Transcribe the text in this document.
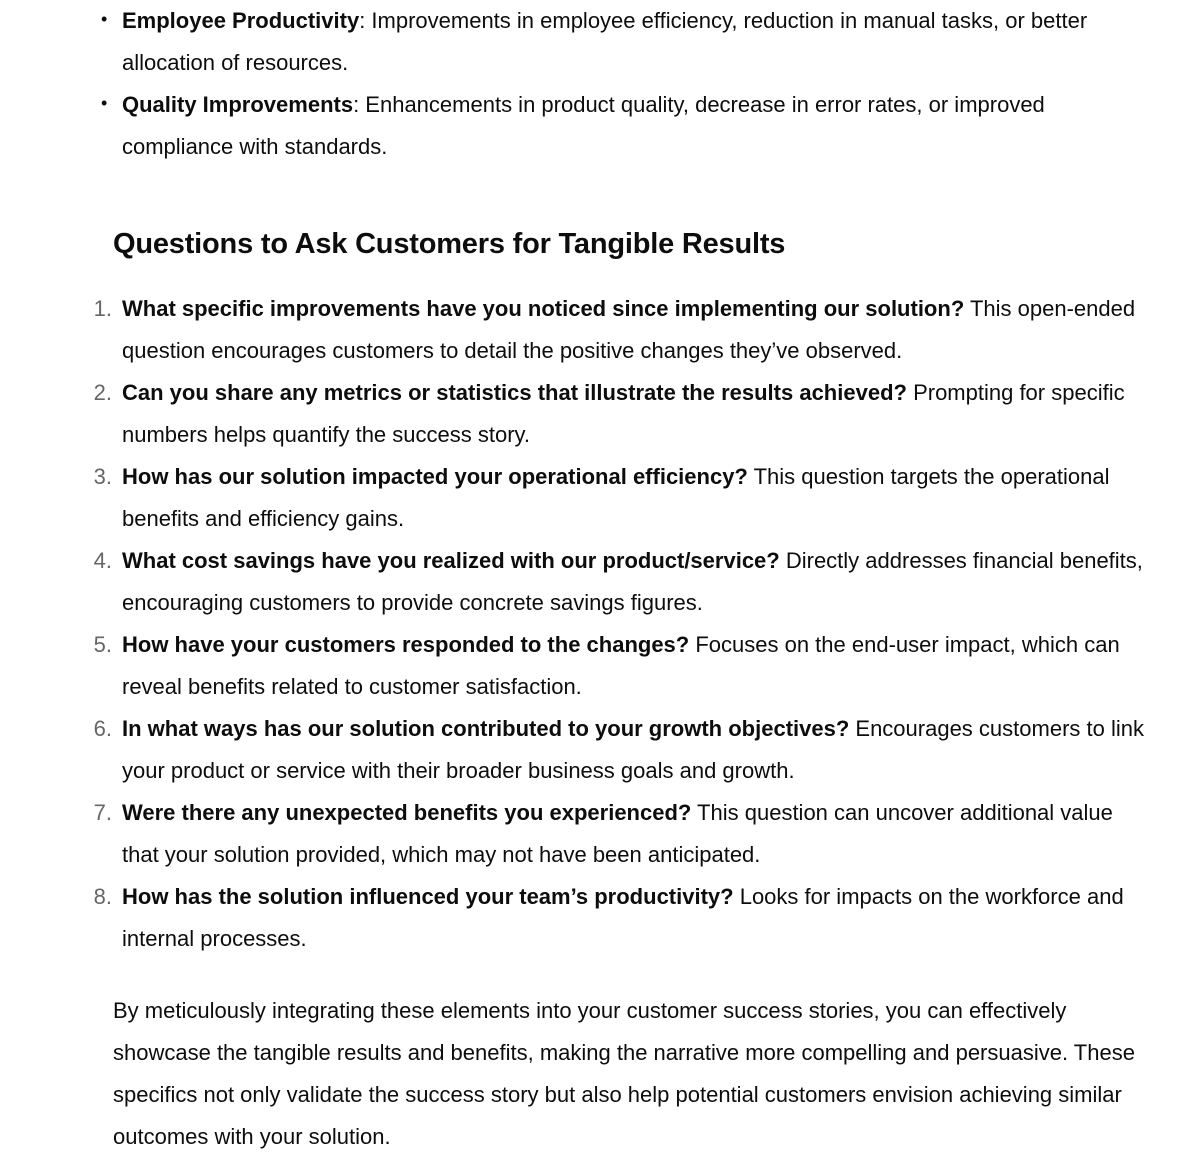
• Employee Productivity: Improvements in employee efficiency, reduction in manual tasks, or better allocation of resources.
• Quality Improvements: Enhancements in product quality, decrease in error rates, or improved compliance with standards.
Questions to Ask Customers for Tangible Results
1. What specific improvements have you noticed since implementing our solution? This open-ended question encourages customers to detail the positive changes they’ve observed.
2. Can you share any metrics or statistics that illustrate the results achieved? Prompting for specific numbers helps quantify the success story.
3. How has our solution impacted your operational efficiency? This question targets the operational benefits and efficiency gains.
4. What cost savings have you realized with our product/service? Directly addresses financial benefits, encouraging customers to provide concrete savings figures.
5. How have your customers responded to the changes? Focuses on the end-user impact, which can reveal benefits related to customer satisfaction.
6. In what ways has our solution contributed to your growth objectives? Encourages customers to link your product or service with their broader business goals and growth.
7. Were there any unexpected benefits you experienced? This question can uncover additional value that your solution provided, which may not have been anticipated.
8. How has the solution influenced your team’s productivity? Looks for impacts on the workforce and internal processes.

By meticulously integrating these elements into your customer success stories, you can effectively showcase the tangible results and benefits, making the narrative more compelling and persuasive. These specifics not only validate the success story but also help potential customers envision achieving similar outcomes with your solution.
